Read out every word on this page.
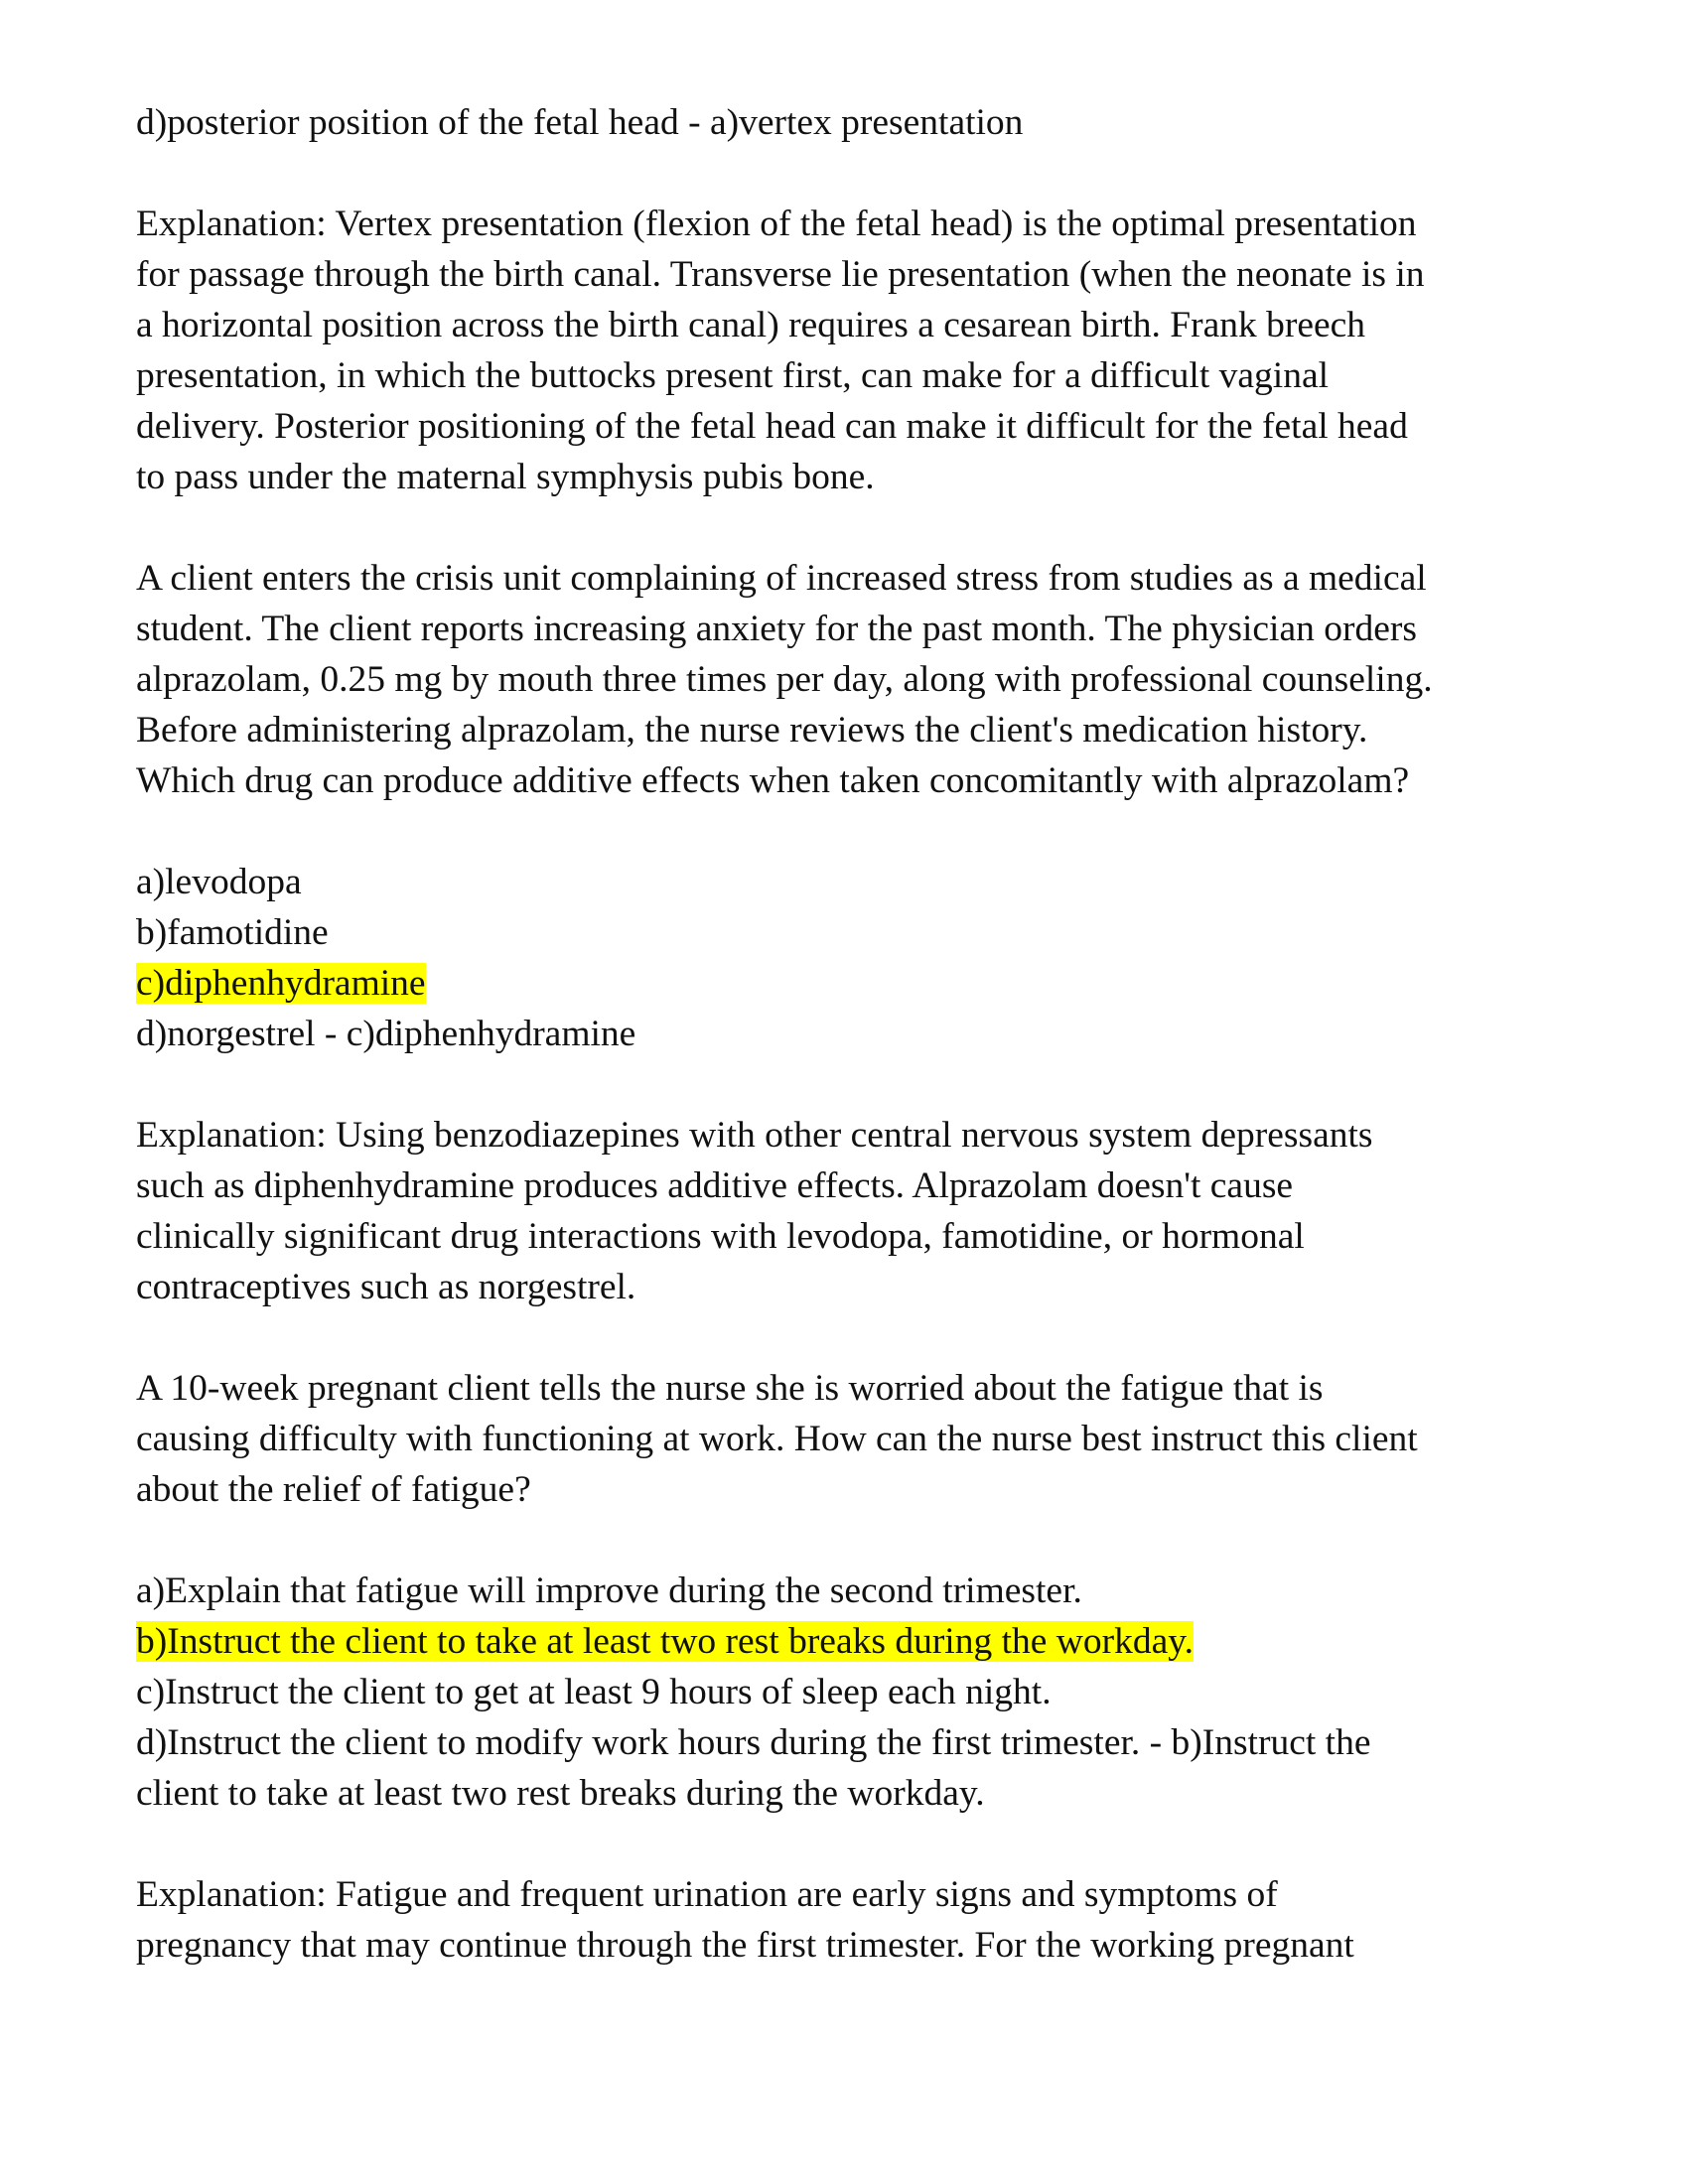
d)posterior position of the fetal head - a)vertex presentation
Explanation: Vertex presentation (flexion of the fetal head) is the optimal presentation
for passage through the birth canal. Transverse lie presentation (when the neonate is in
a horizontal position across the birth canal) requires a cesarean birth. Frank breech
presentation, in which the buttocks present first, can make for a difficult vaginal
delivery. Posterior positioning of the fetal head can make it difficult for the fetal head
to pass under the maternal symphysis pubis bone.
A client enters the crisis unit complaining of increased stress from studies as a medical
student. The client reports increasing anxiety for the past month. The physician orders
alprazolam, 0.25 mg by mouth three times per day, along with professional counseling.
Before administering alprazolam, the nurse reviews the client's medication history.
Which drug can produce additive effects when taken concomitantly with alprazolam?
a)levodopa
b)famotidine
c)diphenhydramine
d)norgestrel - c)diphenhydramine
Explanation: Using benzodiazepines with other central nervous system depressants
such as diphenhydramine produces additive effects. Alprazolam doesn't cause
clinically significant drug interactions with levodopa, famotidine, or hormonal
contraceptives such as norgestrel.
A 10-week pregnant client tells the nurse she is worried about the fatigue that is
causing difficulty with functioning at work. How can the nurse best instruct this client
about the relief of fatigue?
a)Explain that fatigue will improve during the second trimester.
b)Instruct the client to take at least two rest breaks during the workday.
c)Instruct the client to get at least 9 hours of sleep each night.
d)Instruct the client to modify work hours during the first trimester. - b)Instruct the
client to take at least two rest breaks during the workday.
Explanation: Fatigue and frequent urination are early signs and symptoms of
pregnancy that may continue through the first trimester. For the working pregnant
